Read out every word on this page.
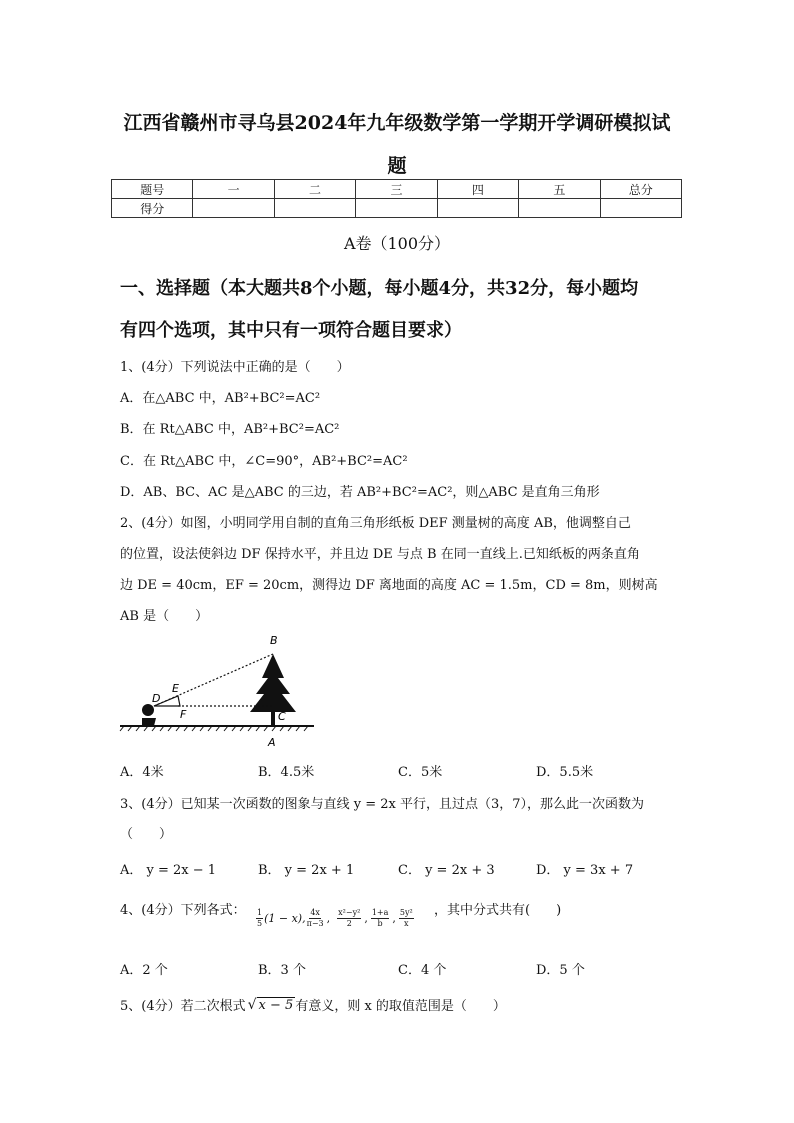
江西省赣州市寻乌县2024年九年级数学第一学期开学调研模拟试
题
题号	一	二	三	四	五	总分
得分						
A卷（100分）
一、选择题（本大题共8个小题，每小题4分，共32分，每小题均
有四个选项，其中只有一项符合题目要求）
1、(4分）下列说法中正确的是（　　）
A．在△ABC 中，AB²+BC²=AC²
B．在 Rt△ABC 中，AB²+BC²=AC²
C．在 Rt△ABC 中，∠C=90°，AB²+BC²=AC²
D．AB、BC、AC 是△ABC 的三边，若 AB²+BC²=AC²，则△ABC 是直角三角形
2、(4分）如图，小明同学用自制的直角三角形纸板 DEF 测量树的高度 AB，他调整自己
的位置，设法使斜边 DF 保持水平，并且边 DE 与点 B 在同一直线上.已知纸板的两条直角
边 DE = 40cm，EF = 20cm，测得边 DF 离地面的高度 AC = 1.5m，CD = 8m，则树高
AB 是（　　）
B
D
E
F	C
A
A．4米	B．4.5米	C．5米	D．5.5米
3、(4分）已知某一次函数的图象与直线 y = 2x 平行，且过点（3，7），那么此一次函数为
（　　）
A． y = 2x − 1	B． y = 2x + 1	C． y = 2x + 3	D． y = 3x + 7
4、(4分）下列各式： $\frac{1}{5} (1 - x)$, $\frac{4x}{\pi-3}$ , $\frac{\text{x²−y²}}{2}$ , $\frac{1+a}{b}$ , $\frac{\text{5y²}}{x}$ ，其中分式共有(　　)
A．2 个	B．3 个	C．4 个	D．5 个
5、(4分）若二次根式 √ x − 5 有意义，则 x 的取值范围是（　　）
